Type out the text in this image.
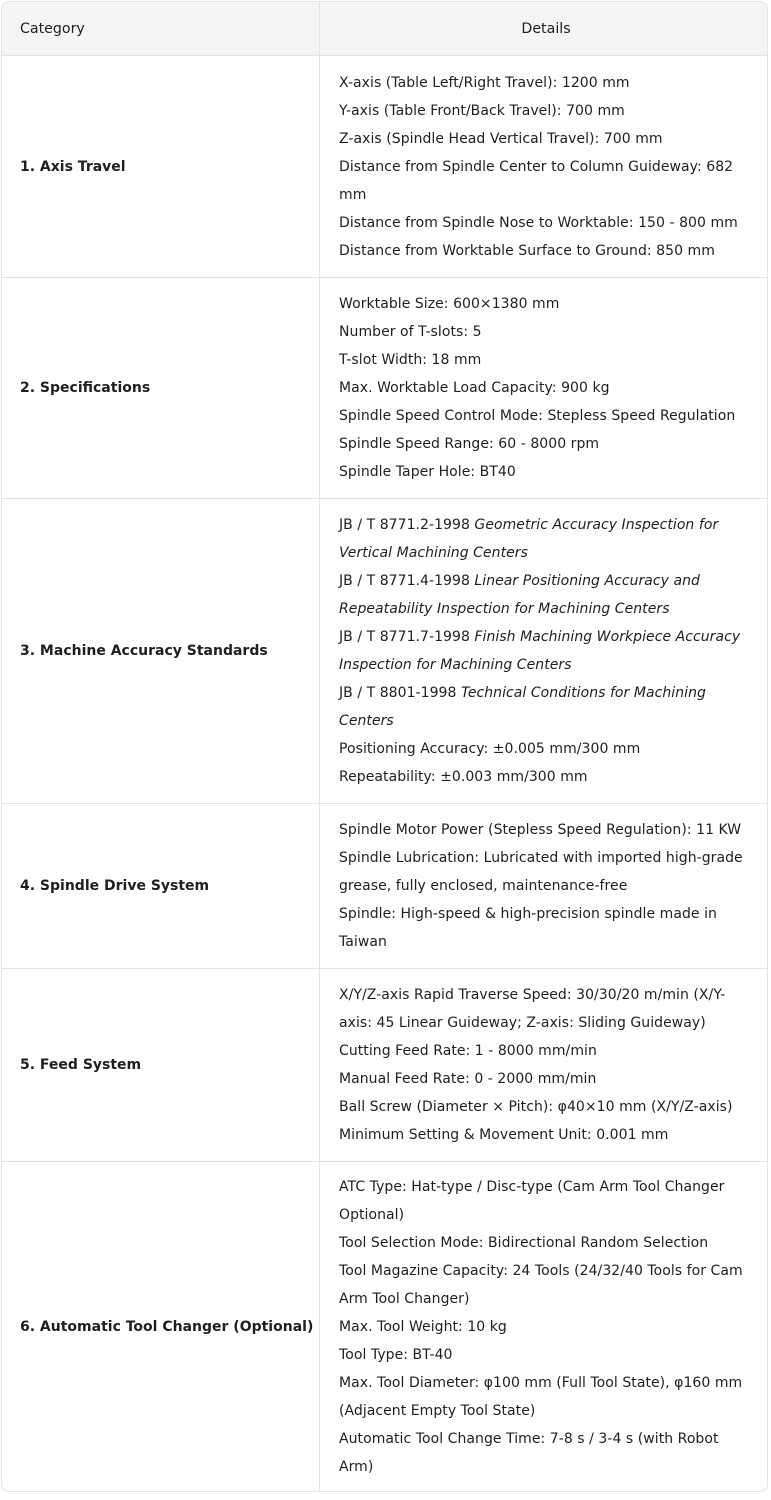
Category	Details
1. Axis Travel
X-axis (Table Left/Right Travel): 1200 mm
Y-axis (Table Front/Back Travel): 700 mm
Z-axis (Spindle Head Vertical Travel): 700 mm
Distance from Spindle Center to Column Guideway: 682
mm
Distance from Spindle Nose to Worktable: 150 - 800 mm
Distance from Worktable Surface to Ground: 850 mm
2. Specifications
Worktable Size: 600×1380 mm
Number of T-slots: 5
T-slot Width: 18 mm
Max. Worktable Load Capacity: 900 kg
Spindle Speed Control Mode: Stepless Speed Regulation
Spindle Speed Range: 60 - 8000 rpm
Spindle Taper Hole: BT40
3. Machine Accuracy Standards
JB / T 8771.2-1998 Geometric Accuracy Inspection for
Vertical Machining Centers
JB / T 8771.4-1998 Linear Positioning Accuracy and
Repeatability Inspection for Machining Centers
JB / T 8771.7-1998 Finish Machining Workpiece Accuracy
Inspection for Machining Centers
JB / T 8801-1998 Technical Conditions for Machining
Centers
Positioning Accuracy: ±0.005 mm/300 mm
Repeatability: ±0.003 mm/300 mm
4. Spindle Drive System
Spindle Motor Power (Stepless Speed Regulation): 11 KW
Spindle Lubrication: Lubricated with imported high-grade
grease, fully enclosed, maintenance-free
Spindle: High-speed & high-precision spindle made in
Taiwan
5. Feed System
X/Y/Z-axis Rapid Traverse Speed: 30/30/20 m/min (X/Y-
axis: 45 Linear Guideway; Z-axis: Sliding Guideway)
Cutting Feed Rate: 1 - 8000 mm/min
Manual Feed Rate: 0 - 2000 mm/min
Ball Screw (Diameter × Pitch): φ40×10 mm (X/Y/Z-axis)
Minimum Setting & Movement Unit: 0.001 mm
6. Automatic Tool Changer (Optional)
ATC Type: Hat-type / Disc-type (Cam Arm Tool Changer
Optional)
Tool Selection Mode: Bidirectional Random Selection
Tool Magazine Capacity: 24 Tools (24/32/40 Tools for Cam
Arm Tool Changer)
Max. Tool Weight: 10 kg
Tool Type: BT-40
Max. Tool Diameter: φ100 mm (Full Tool State), φ160 mm
(Adjacent Empty Tool State)
Automatic Tool Change Time: 7-8 s / 3-4 s (with Robot
Arm)
